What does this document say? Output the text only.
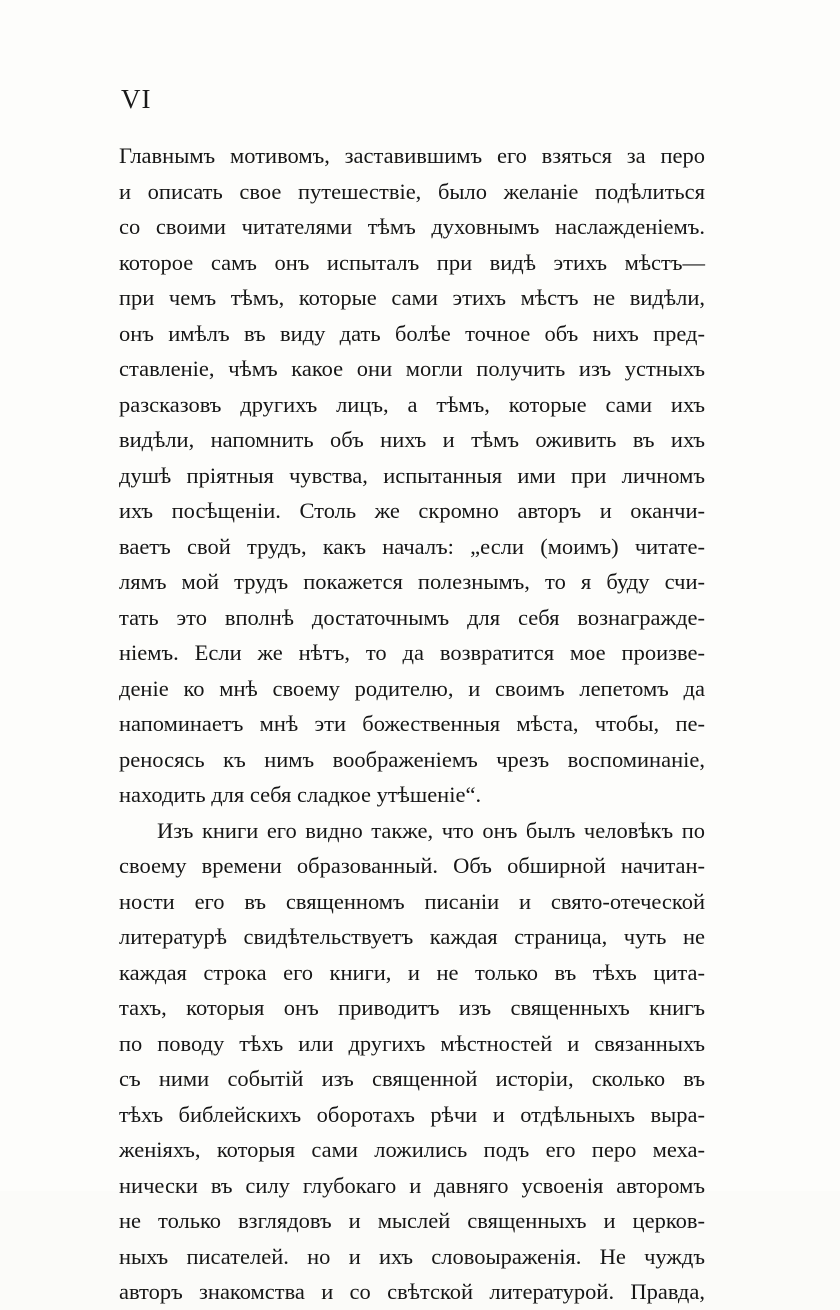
VI
Главнымъ мотивомъ, заставившимъ его взяться за перо
и описать свое путешествіе, было желаніе подѣлиться
со своими читателями тѣмъ духовнымъ наслажденіемъ.
которое самъ онъ испыталъ при видѣ этихъ мѣстъ—
при чемъ тѣмъ, которые сами этихъ мѣстъ не видѣли,
онъ имѣлъ въ виду дать болѣе точное объ нихъ пред-
ставленіе, чѣмъ какое они могли получить изъ устныхъ
разсказовъ другихъ лицъ, а тѣмъ, которые сами ихъ
видѣли, напомнить объ нихъ и тѣмъ оживить въ ихъ
душѣ пріятныя чувства, испытанныя ими при личномъ
ихъ посѣщеніи. Столь же скромно авторъ и оканчи-
ваетъ свой трудъ, какъ началъ: „если (моимъ) читате-
лямъ мой трудъ покажется полезнымъ, то я буду счи-
тать это вполнѣ достаточнымъ для себя вознагражде-
ніемъ. Если же нѣтъ, то да возвратится мое произве-
деніе ко мнѣ своему родителю, и своимъ лепетомъ да
напоминаетъ мнѣ эти божественныя мѣста, чтобы, пе-
реносясь къ нимъ воображеніемъ чрезъ воспоминаніе,
находить для себя сладкое утѣшеніе“.
Изъ книги его видно также, что онъ былъ человѣкъ по
своему времени образованный. Объ обширной начитан-
ности его въ священномъ писаніи и свято-отеческой
литературѣ свидѣтельствуетъ каждая страница, чуть не
каждая строка его книги, и не только въ тѣхъ цита-
тахъ, которыя онъ приводитъ изъ священныхъ книгъ
по поводу тѣхъ или другихъ мѣстностей и связанныхъ
съ ними событій изъ священной исторіи, сколько въ
тѣхъ библейскихъ оборотахъ рѣчи и отдѣльныхъ выра-
женіяхъ, которыя сами ложились подъ его перо меха-
нически въ силу глубокаго и давняго усвоенія авторомъ
не только взглядовъ и мыслей священныхъ и церков-
ныхъ писателей. но и ихъ словоыраженія. Не чуждъ
авторъ знакомства и со свѣтской литературой. Правда,
